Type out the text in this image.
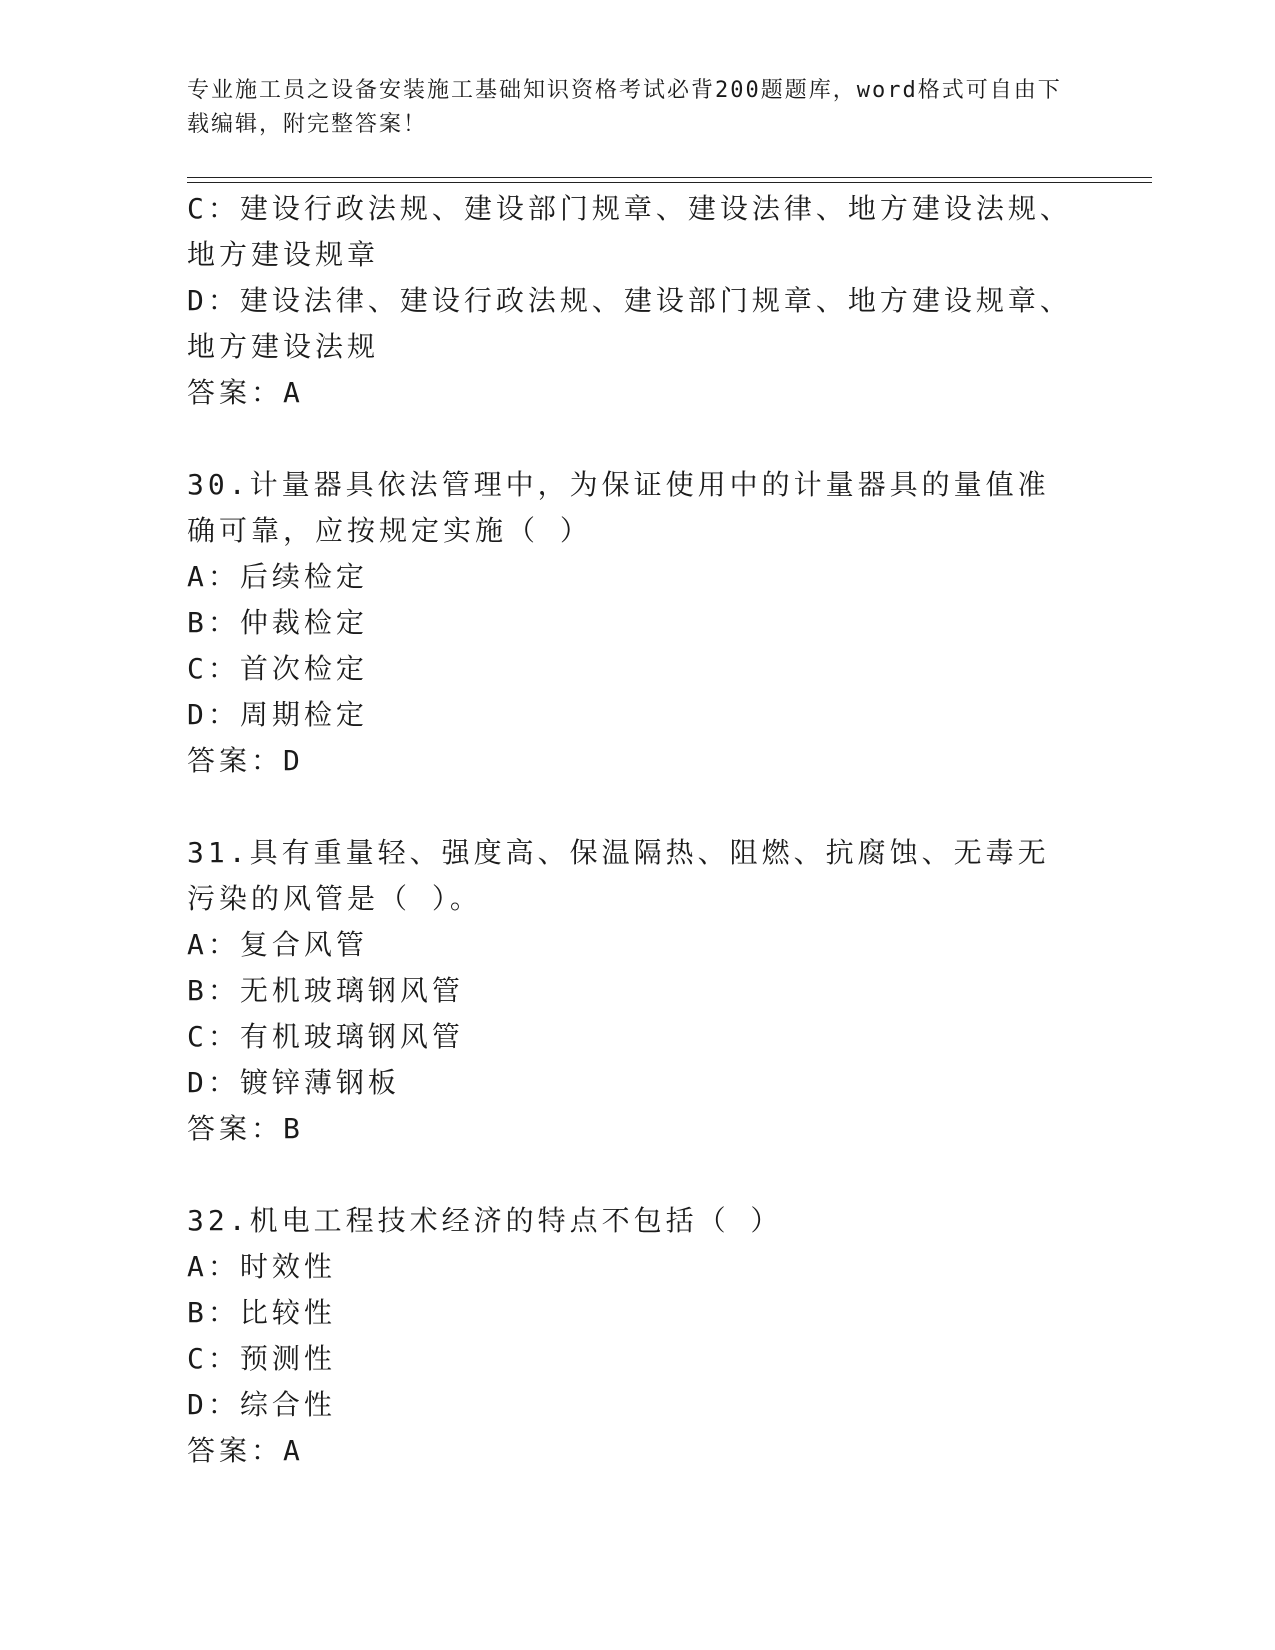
专业施工员之设备安装施工基础知识资格考试必背200题题库，word格式可自由下载编辑，附完整答案！
C：建设行政法规、建设部门规章、建设法律、地方建设法规、地方建设规章
D：建设法律、建设行政法规、建设部门规章、地方建设规章、地方建设法规
答案：A
30.计量器具依法管理中，为保证使用中的计量器具的量值准确可靠，应按规定实施（ ）
A：后续检定
B：仲裁检定
C：首次检定
D：周期检定
答案：D
31.具有重量轻、强度高、保温隔热、阻燃、抗腐蚀、无毒无污染的风管是（ ）。
A：复合风管
B：无机玻璃钢风管
C：有机玻璃钢风管
D：镀锌薄钢板
答案：B
32.机电工程技术经济的特点不包括（ ）
A：时效性
B：比较性
C：预测性
D：综合性
答案：A
